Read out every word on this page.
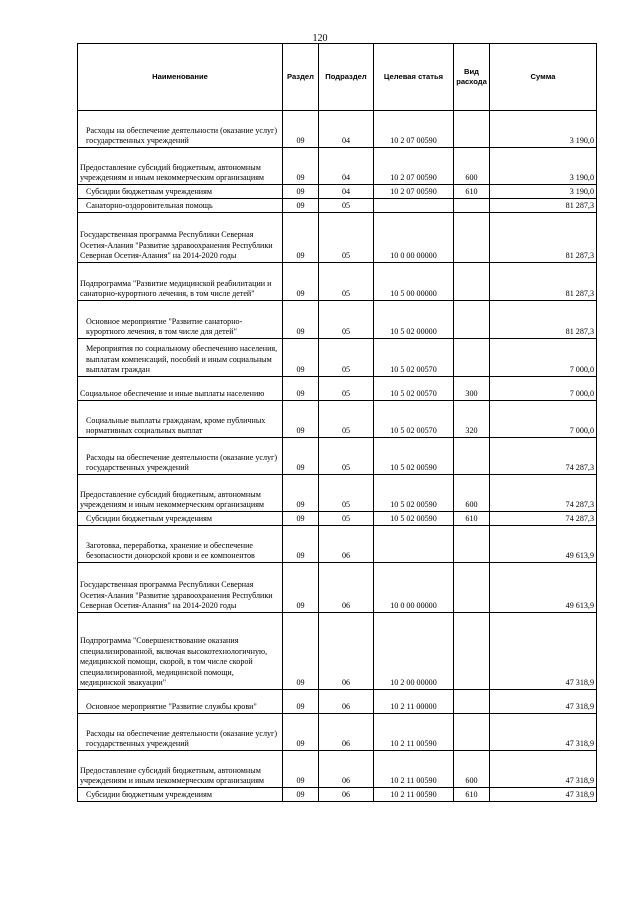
120
Наименование	Раздел	Подраздел	Целевая статья	Вид расхода	Сумма
Расходы на обеспечение деятельности (оказание услуг) государственных учреждений	09	04	10 2 07 00590		3 190,0
Предоставление субсидий бюджетным, автономным учреждениям и иным некоммерческим организациям	09	04	10 2 07 00590	600	3 190,0
Субсидии бюджетным учреждениям	09	04	10 2 07 00590	610	3 190,0
Санаторно-оздоровительная помощь	09	05			81 287,3
Государственная программа Республики Северная Осетия-Алания "Развитие здравоохранения Республики Северная Осетия-Алания" на 2014-2020 годы	09	05	10 0 00 00000		81 287,3
Подпрограмма "Развитие медицинской реабилитации и санаторно-курортного лечения, в том числе детей"	09	05	10 5 00 00000		81 287,3
Основное мероприятие "Развитие санаторно-курортного лечения, в том числе для детей"	09	05	10 5 02 00000		81 287,3
Мероприятия по социальному обеспечению населения, выплатам компенсаций, пособий и иным социальным выплатам граждан	09	05	10 5 02 00570		7 000,0
Социальное обеспечение и иные выплаты населению	09	05	10 5 02 00570	300	7 000,0
Социальные выплаты гражданам, кроме публичных нормативных социальных выплат	09	05	10 5 02 00570	320	7 000,0
Расходы на обеспечение деятельности (оказание услуг) государственных учреждений	09	05	10 5 02 00590		74 287,3
Предоставление субсидий бюджетным, автономным учреждениям и иным некоммерческим организациям	09	05	10 5 02 00590	600	74 287,3
Субсидии бюджетным учреждениям	09	05	10 5 02 00590	610	74 287,3
Заготовка, переработка, хранение и обеспечение безопасности донорской крови и ее компонентов	09	06			49 613,9
Государственная программа Республики Северная Осетия-Алания "Развитие здравоохранения Республики Северная Осетия-Алания" на 2014-2020 годы	09	06	10 0 00 00000		49 613,9
Подпрограмма "Совершенствование оказания специализированной, включая высокотехнологичную, медицинской помощи, скорой, в том числе скорой специализированной, медицинской помощи, медицинской эвакуации"	09	06	10 2 00 00000		47 318,9
Основное мероприятие "Развитие службы крови"	09	06	10 2 11 00000		47 318,9
Расходы на обеспечение деятельности (оказание услуг) государственных учреждений	09	06	10 2 11 00590		47 318,9
Предоставление субсидий бюджетным, автономным учреждениям и иным некоммерческим организациям	09	06	10 2 11 00590	600	47 318,9
Субсидии бюджетным учреждениям	09	06	10 2 11 00590	610	47 318,9
